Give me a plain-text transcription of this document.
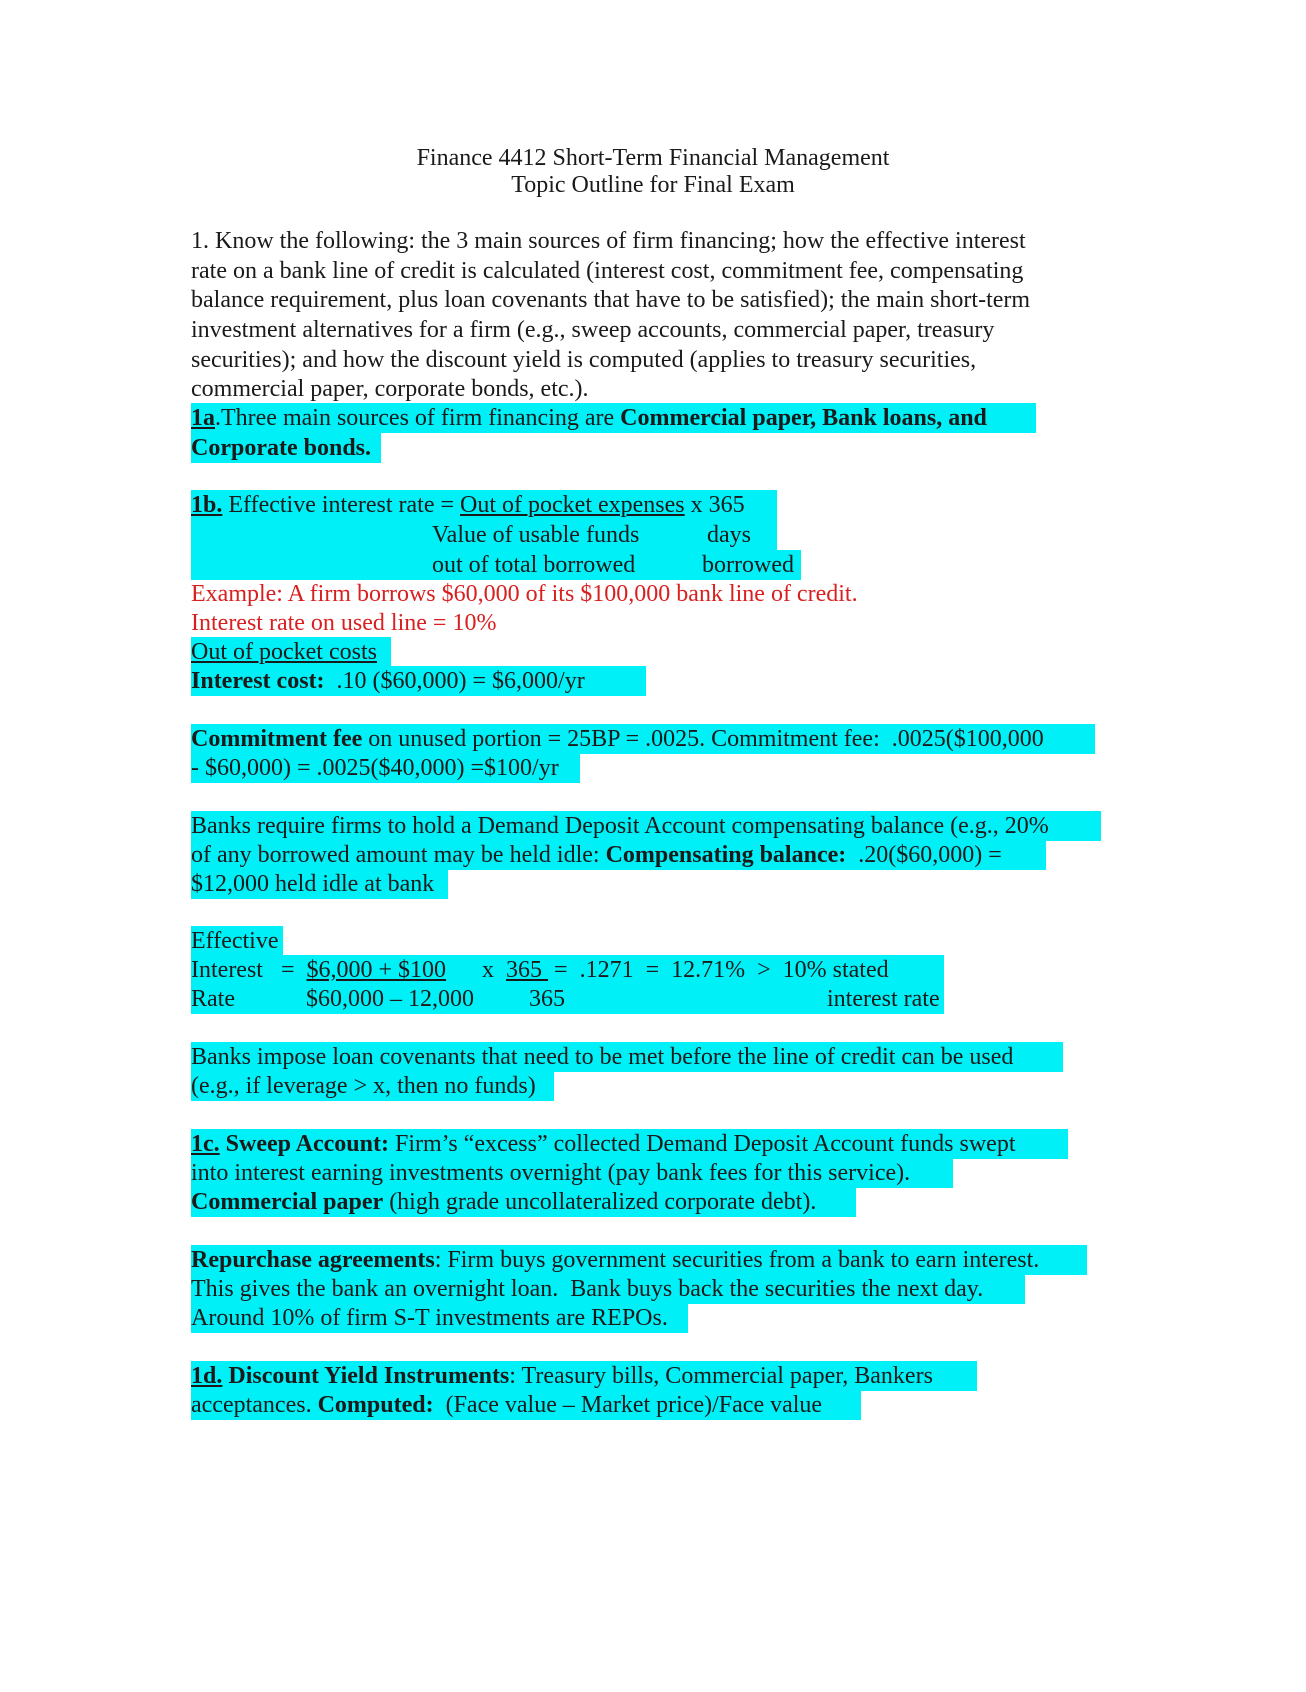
Finance 4412 Short-Term Financial Management
Topic Outline for Final Exam
1. Know the following: the 3 main sources of firm financing; how the effective interest
rate on a bank line of credit is calculated (interest cost, commitment fee, compensating
balance requirement, plus loan covenants that have to be satisfied); the main short-term
investment alternatives for a firm (e.g., sweep accounts, commercial paper, treasury
securities); and how the discount yield is computed (applies to treasury securities,
commercial paper, corporate bonds, etc.).
1a.Three main sources of firm financing are Commercial paper, Bank loans, and
Corporate bonds.
1b. Effective interest rate = Out of pocket expenses x 365
Value of usable funds	days
out of total borrowed	borrowed
Example: A firm borrows $60,000 of its $100,000 bank line of credit.
Interest rate on used line = 10%
Out of pocket costs
Interest cost:  .10 ($60,000) = $6,000/yr
Commitment fee on unused portion = 25BP = .0025. Commitment fee:  .0025($100,000
- $60,000) = .0025($40,000) =$100/yr
Banks require firms to hold a Demand Deposit Account compensating balance (e.g., 20%
of any borrowed amount may be held idle: Compensating balance:  .20($60,000) =
$12,000 held idle at bank
Effective
Interest   =  $6,000 + $100      x  365  =  .1271  =  12.71%  >  10% stated
Rate	$60,000 – 12,000 365	interest rate
Banks impose loan covenants that need to be met before the line of credit can be used
(e.g., if leverage > x, then no funds)
1c. Sweep Account: Firm’s “excess” collected Demand Deposit Account funds swept
into interest earning investments overnight (pay bank fees for this service).
Commercial paper (high grade uncollateralized corporate debt).
Repurchase agreements: Firm buys government securities from a bank to earn interest.
This gives the bank an overnight loan.  Bank buys back the securities the next day.
Around 10% of firm S-T investments are REPOs.
1d. Discount Yield Instruments: Treasury bills, Commercial paper, Bankers
acceptances. Computed:  (Face value – Market price)/Face value
